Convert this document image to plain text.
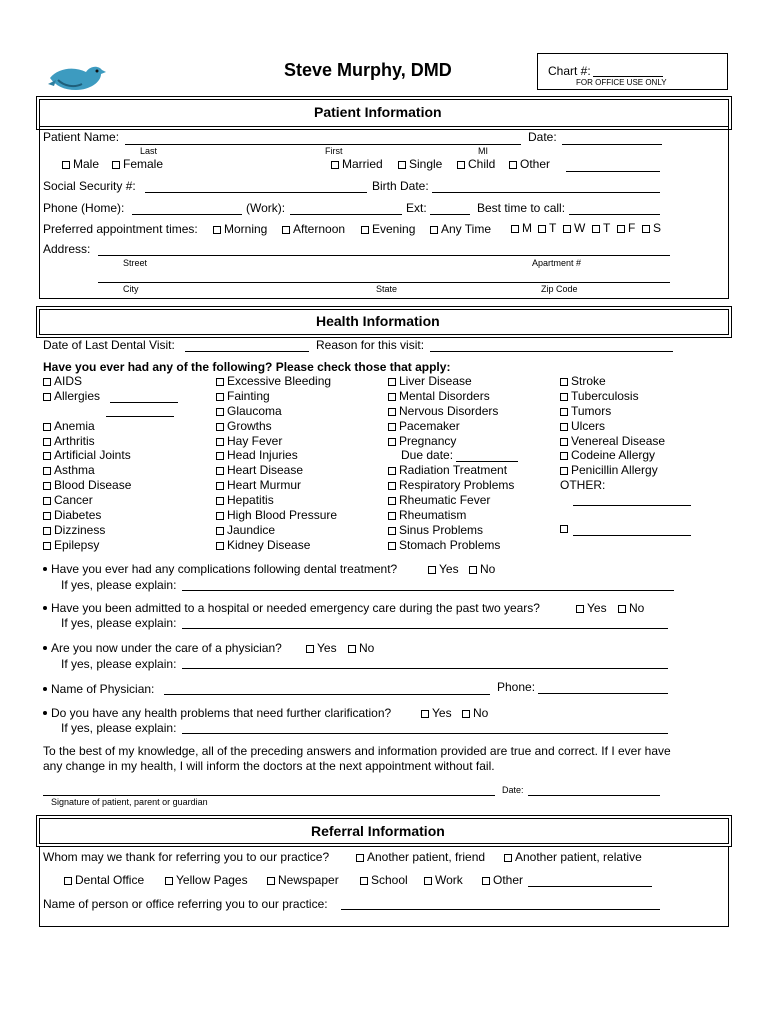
Steve Murphy, DMD	Chart #:
FOR OFFICE USE ONLY
Patient Information
Patient Name:	Date:
Last	First	MI
Male	Female	Married	Single	Child	Other
Social Security #:	Birth Date:
Phone (Home):	(Work):	Ext:	Best time to call:
Preferred appointment times:	Morning	Afternoon	Evening	Any Time	M	T	W	T	F	S
Address:
Street	Apartment #
City	State	Zip Code
Health Information
Date of Last Dental Visit:	Reason for this visit:
Have you ever had any of the following? Please check those that apply:
AIDS
Allergies
Anemia
Arthritis
Artificial Joints
Asthma
Blood Disease
Cancer
Diabetes
Dizziness
Epilepsy
Excessive Bleeding
Fainting
Glaucoma
Growths
Hay Fever
Head Injuries
Heart Disease
Heart Murmur
Hepatitis
High Blood Pressure
Jaundice
Kidney Disease
Liver Disease
Mental Disorders
Nervous Disorders
Pacemaker
Pregnancy
Due date:
Radiation Treatment
Respiratory Problems
Rheumatic Fever
Rheumatism
Sinus Problems
Stomach Problems
Stroke
Tuberculosis
Tumors
Ulcers
Venereal Disease
Codeine Allergy
Penicillin Allergy
OTHER:
Have you ever had any complications following dental treatment?	Yes	No
If yes, please explain:
Have you been admitted to a hospital or needed emergency care during the past two years?	Yes	No
If yes, please explain:
Are you now under the care of a physician?	Yes	No
If yes, please explain:
Name of Physician:	Phone:
Do you have any health problems that need further clarification?	Yes	No
If yes, please explain:
To the best of my knowledge, all of the preceding answers and information provided are true and correct. If I ever have
any change in my health, I will inform the doctors at the next appointment without fail.
Date:
Signature of patient, parent or guardian
Referral Information
Whom may we thank for referring you to our practice?	Another patient, friend	Another patient, relative
Dental Office	Yellow Pages	Newspaper	School	Work	Other
Name of person or office referring you to our practice:
